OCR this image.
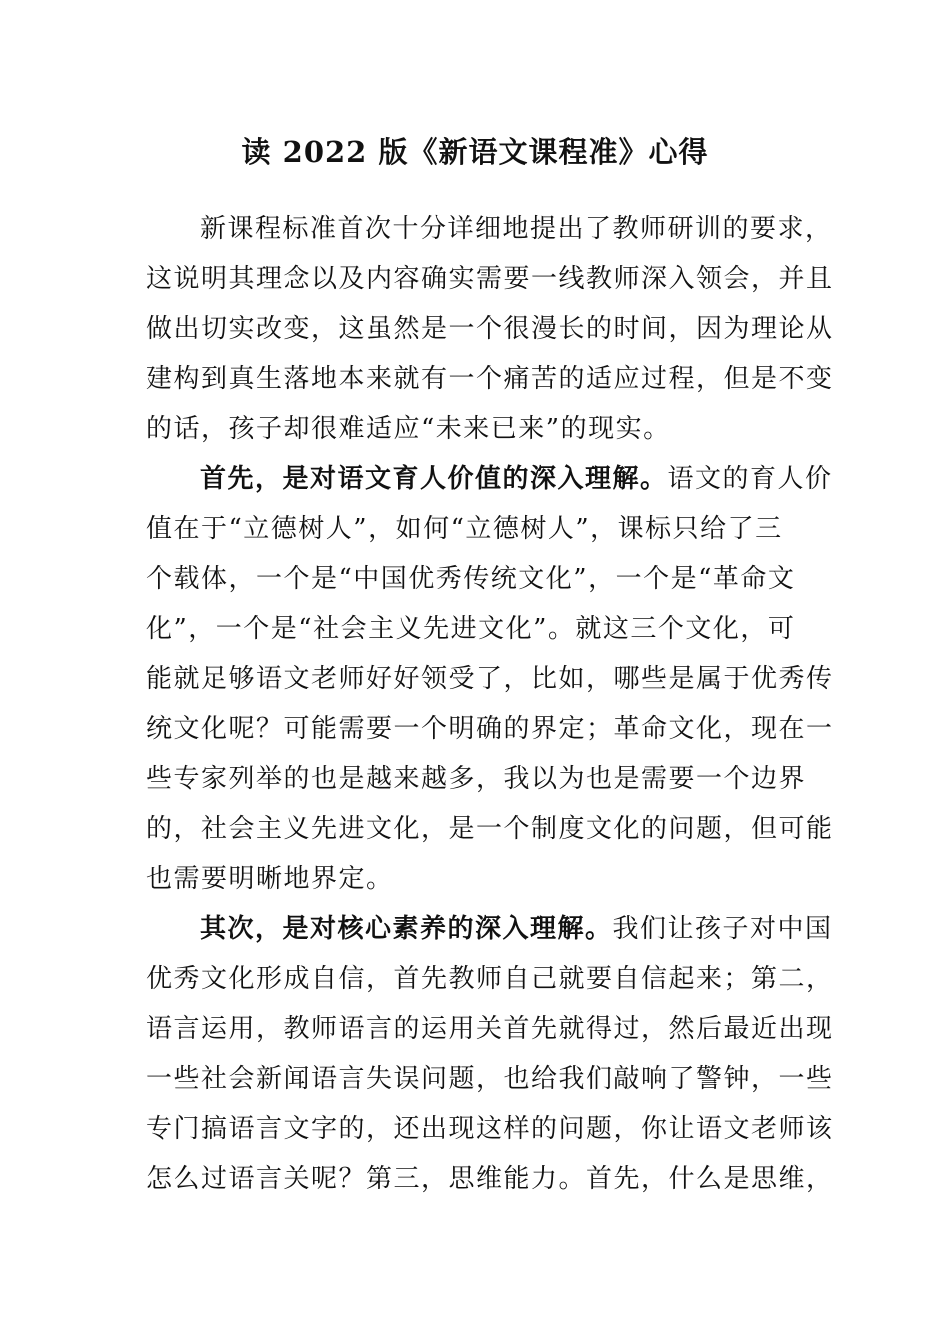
读 2022 版《新语文课程准》心得

新课程标准首次十分详细地提出了教师研训的要求，
这说明其理念以及内容确实需要一线教师深入领会，并且
做出切实改变，这虽然是一个很漫长的时间，因为理论从
建构到真生落地本来就有一个痛苦的适应过程，但是不变
的话，孩子却很难适应“未来已来”的现实。

首先，是对语文育人价值的深入理解。语文的育人价
值在于“立德树人”，如何“立德树人”，课标只给了三
个载体，一个是“中国优秀传统文化”，一个是“革命文
化”，一个是“社会主义先进文化”。就这三个文化，可
能就足够语文老师好好领受了，比如，哪些是属于优秀传
统文化呢？可能需要一个明确的界定；革命文化，现在一
些专家列举的也是越来越多，我以为也是需要一个边界
的，社会主义先进文化，是一个制度文化的问题，但可能
也需要明晰地界定。

其次，是对核心素养的深入理解。我们让孩子对中国
优秀文化形成自信，首先教师自己就要自信起来；第二，
语言运用，教师语言的运用关首先就得过，然后最近出现
一些社会新闻语言失误问题，也给我们敲响了警钟，一些
专门搞语言文字的，还出现这样的问题，你让语文老师该
怎么过语言关呢？第三，思维能力。首先，什么是思维，
